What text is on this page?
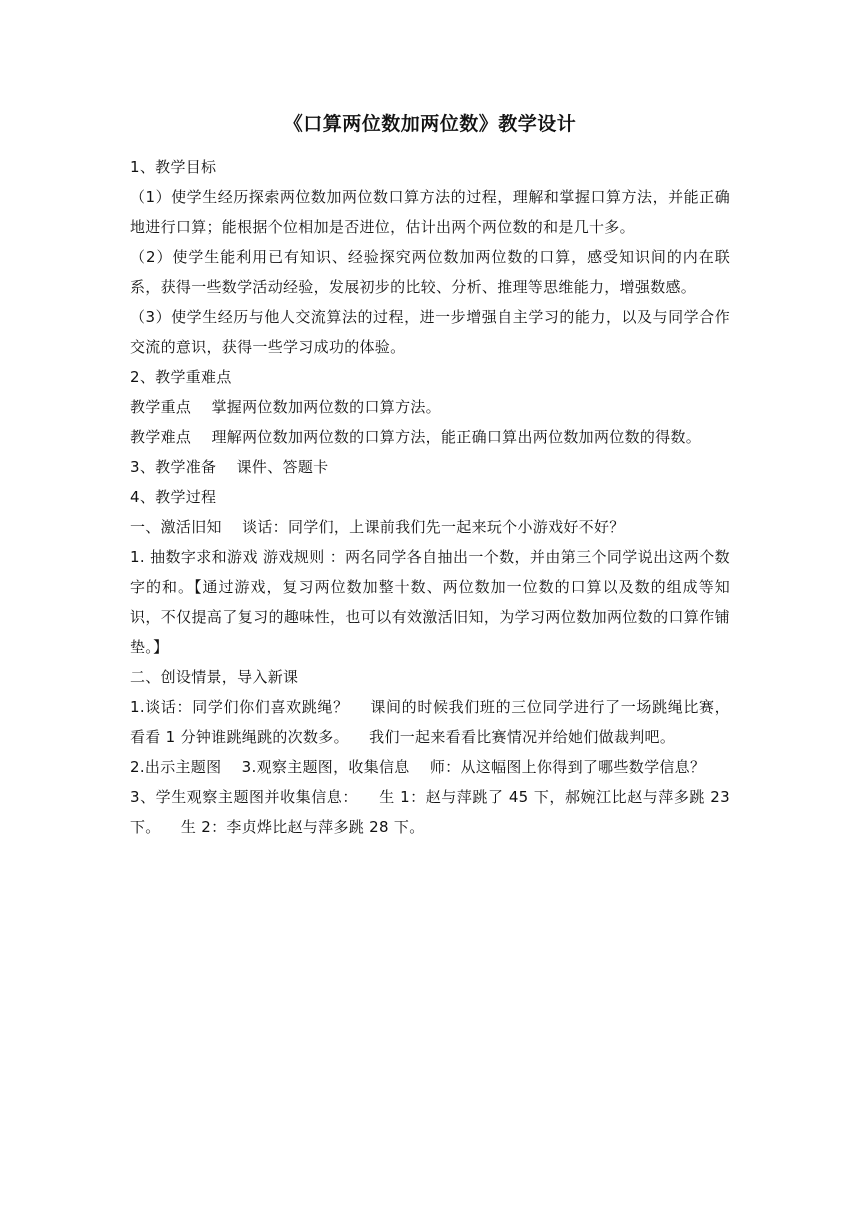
《口算两位数加两位数》教学设计

1、教学目标

（1）使学生经历探索两位数加两位数口算方法的过程，理解和掌握口算方法，并能正确地进行口算；能根据个位相加是否进位，估计出两个两位数的和是几十多。

（2）使学生能利用已有知识、经验探究两位数加两位数的口算，感受知识间的内在联系，获得一些数学活动经验，发展初步的比较、分析、推理等思维能力，增强数感。

（3）使学生经历与他人交流算法的过程，进一步增强自主学习的能力，以及与同学合作交流的意识，获得一些学习成功的体验。

2、教学重难点

教学重点    掌握两位数加两位数的口算方法。

教学难点    理解两位数加两位数的口算方法，能正确口算出两位数加两位数的得数。

3、教学准备    课件、答题卡

4、教学过程

一、激活旧知    谈话：同学们，上课前我们先一起来玩个小游戏好不好？

1. 抽数字求和游戏 游戏规则 ：两名同学各自抽出一个数，并由第三个同学说出这两个数字的和。【通过游戏，复习两位数加整十数、两位数加一位数的口算以及数的组成等知识，不仅提高了复习的趣味性，也可以有效激活旧知，为学习两位数加两位数的口算作铺垫。】

二、创设情景，导入新课

1.谈话：同学们你们喜欢跳绳？    课间的时候我们班的三位同学进行了一场跳绳比赛，看看 1 分钟谁跳绳跳的次数多。    我们一起来看看比赛情况并给她们做裁判吧。

2.出示主题图    3.观察主题图，收集信息    师：从这幅图上你得到了哪些数学信息？

3、学生观察主题图并收集信息：    生 1：赵与萍跳了 45 下，郝婉江比赵与萍多跳 23 下。    生 2：李贞烨比赵与萍多跳 28 下。
